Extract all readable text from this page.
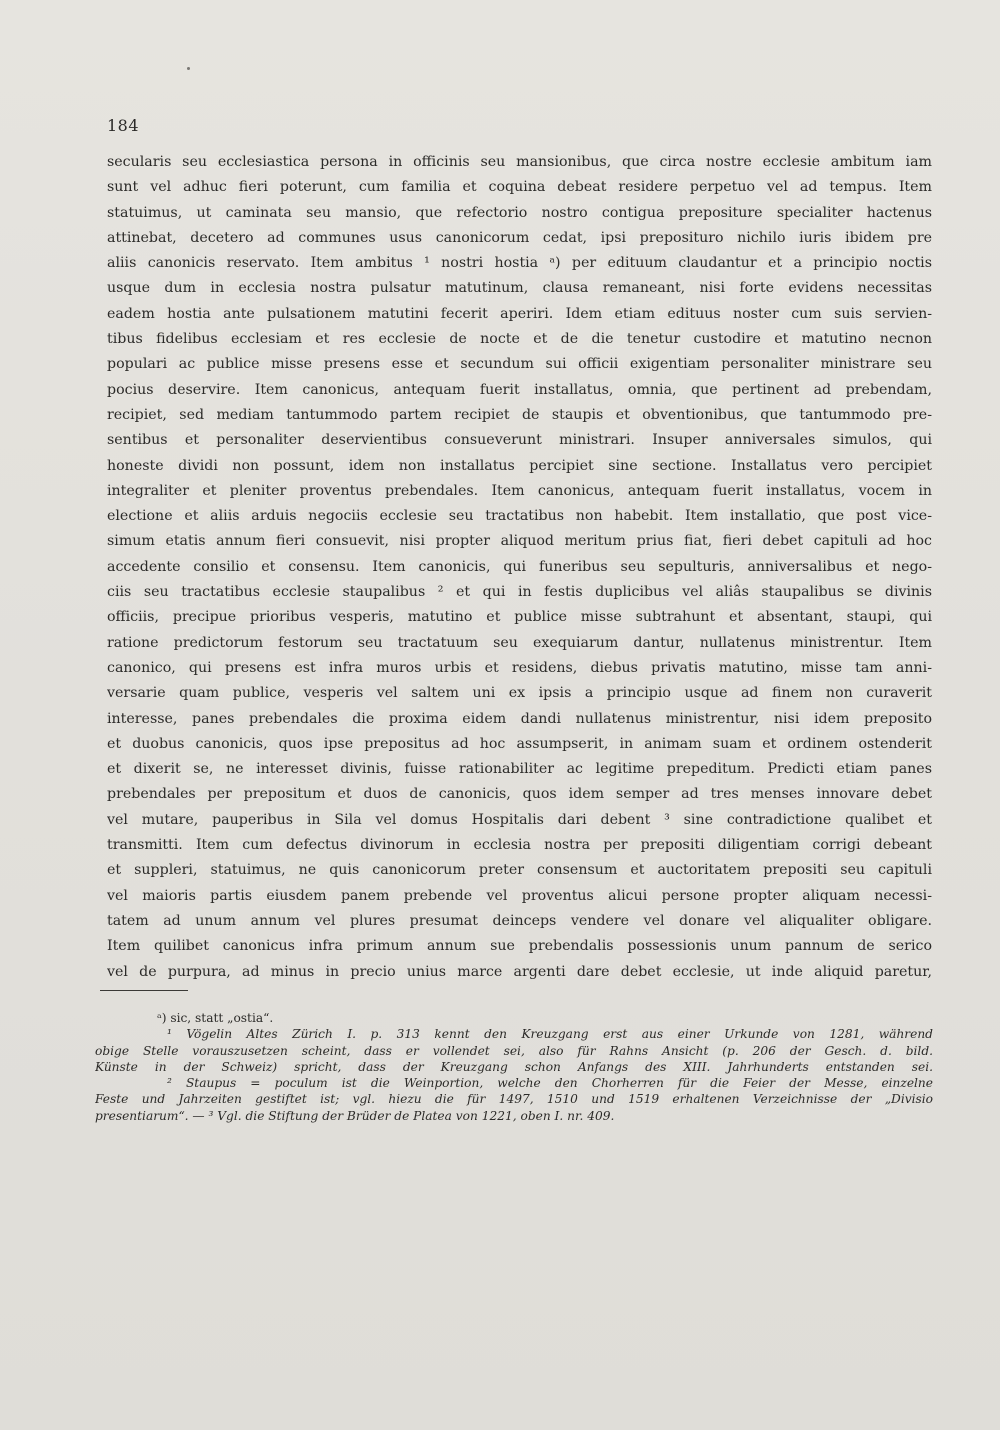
184
secularis seu ecclesiastica persona in officinis seu mansionibus, que circa nostre ecclesie ambitum iam
sunt vel adhuc fieri poterunt, cum familia et coquina debeat residere perpetuo vel ad tempus. Item
statuimus, ut caminata seu mansio, que refectorio nostro contigua prepositure specialiter hactenus
attinebat, decetero ad communes usus canonicorum cedat, ipsi preposituro nichilo iuris ibidem pre
aliis canonicis reservato. Item ambitus ¹ nostri hostia ᵃ) per edituum claudantur et a principio noctis
usque dum in ecclesia nostra pulsatur matutinum, clausa remaneant, nisi forte evidens necessitas
eadem hostia ante pulsationem matutini fecerit aperiri. Idem etiam edituus noster cum suis servien-
tibus fidelibus ecclesiam et res ecclesie de nocte et de die tenetur custodire et matutino necnon
populari ac publice misse presens esse et secundum sui officii exigentiam personaliter ministrare seu
pocius deservire. Item canonicus, antequam fuerit installatus, omnia, que pertinent ad prebendam,
recipiet, sed mediam tantummodo partem recipiet de staupis et obventionibus, que tantummodo pre-
sentibus et personaliter deservientibus consueverunt ministrari. Insuper anniversales simulos, qui
honeste dividi non possunt, idem non installatus percipiet sine sectione. Installatus vero percipiet
integraliter et pleniter proventus prebendales. Item canonicus, antequam fuerit installatus, vocem in
electione et aliis arduis negociis ecclesie seu tractatibus non habebit. Item installatio, que post vice-
simum etatis annum fieri consuevit, nisi propter aliquod meritum prius fiat, fieri debet capituli ad hoc
accedente consilio et consensu. Item canonicis, qui funeribus seu sepulturis, anniversalibus et nego-
ciis seu tractatibus ecclesie staupalibus ² et qui in festis duplicibus vel aliâs staupalibus se divinis
officiis, precipue prioribus vesperis, matutino et publice misse subtrahunt et absentant, staupi, qui
ratione predictorum festorum seu tractatuum seu exequiarum dantur, nullatenus ministrentur. Item
canonico, qui presens est infra muros urbis et residens, diebus privatis matutino, misse tam anni-
versarie quam publice, vesperis vel saltem uni ex ipsis a principio usque ad finem non curaverit
interesse, panes prebendales die proxima eidem dandi nullatenus ministrentur, nisi idem preposito
et duobus canonicis, quos ipse prepositus ad hoc assumpserit, in animam suam et ordinem ostenderit
et dixerit se, ne interesset divinis, fuisse rationabiliter ac legitime prepeditum. Predicti etiam panes
prebendales per prepositum et duos de canonicis, quos idem semper ad tres menses innovare debet
vel mutare, pauperibus in Sila vel domus Hospitalis dari debent ³ sine contradictione qualibet et
transmitti. Item cum defectus divinorum in ecclesia nostra per prepositi diligentiam corrigi debeant
et suppleri, statuimus, ne quis canonicorum preter consensum et auctoritatem prepositi seu capituli
vel maioris partis eiusdem panem prebende vel proventus alicui persone propter aliquam necessi-
tatem ad unum annum vel plures presumat deinceps vendere vel donare vel aliqualiter obligare.
Item quilibet canonicus infra primum annum sue prebendalis possessionis unum pannum de serico
vel de purpura, ad minus in precio unius marce argenti dare debet ecclesie, ut inde aliquid paretur,
ᵃ) sic, statt „ostia“.
¹ Vögelin Altes Zürich I. p. 313 kennt den Kreuzgang erst aus einer Urkunde von 1281, während
obige Stelle vorauszusetzen scheint, dass er vollendet sei, also für Rahns Ansicht (p. 206 der Gesch. d. bild.
Künste in der Schweiz) spricht, dass der Kreuzgang schon Anfangs des XIII. Jahrhunderts entstanden sei.
² Staupus = poculum ist die Weinportion, welche den Chorherren für die Feier der Messe, einzelne
Feste und Jahrzeiten gestiftet ist; vgl. hiezu die für 1497, 1510 und 1519 erhaltenen Verzeichnisse der „Divisio
presentiarum“. — ³ Vgl. die Stiftung der Brüder de Platea von 1221, oben I. nr. 409.
